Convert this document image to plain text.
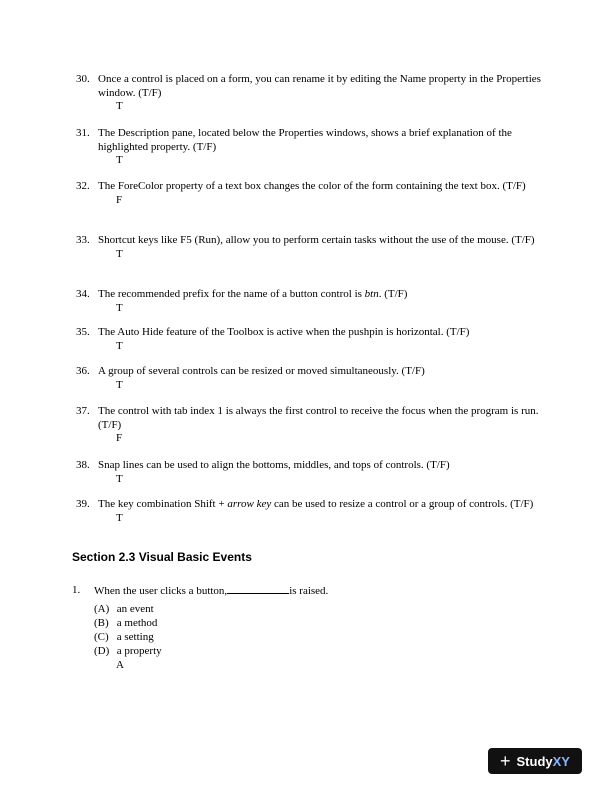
30. Once a control is placed on a form, you can rename it by editing the Name property in the Properties window. (T/F)
T
31. The Description pane, located below the Properties windows, shows a brief explanation of the highlighted property. (T/F)
T
32. The ForeColor property of a text box changes the color of the form containing the text box. (T/F)
F
33. Shortcut keys like F5 (Run), allow you to perform certain tasks without the use of the mouse. (T/F)
T
34. The recommended prefix for the name of a button control is btn. (T/F)
T
35. The Auto Hide feature of the Toolbox is active when the pushpin is horizontal. (T/F)
T
36. A group of several controls can be resized or moved simultaneously. (T/F)
T
37. The control with tab index 1 is always the first control to receive the focus when the program is run. (T/F)
F
38. Snap lines can be used to align the bottoms, middles, and tops of controls. (T/F)
T
39. The key combination Shift + arrow key can be used to resize a control or a group of controls. (T/F)
T
Section 2.3 Visual Basic Events
1. When the user clicks a button,	is raised.
(A) an event
(B) a method
(C) a setting
(D) a property
A
+ StudyXY
